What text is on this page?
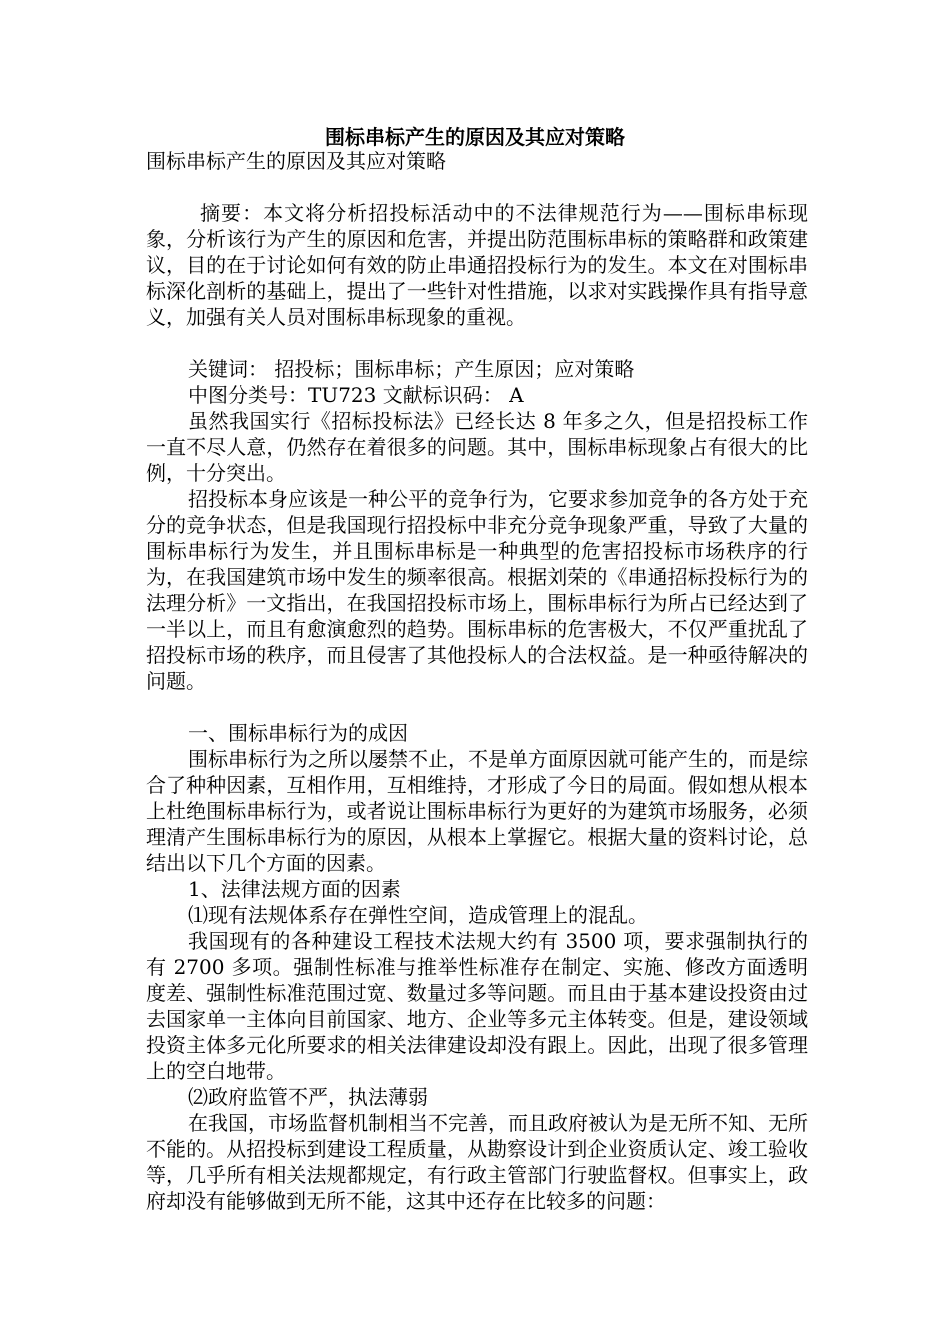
围标串标产生的原因及其应对策略

围标串标产生的原因及其应对策略

摘要：本文将分析招投标活动中的不法律规范行为——围标串标现象，分析该行为产生的原因和危害，并提出防范围标串标的策略群和政策建议，目的在于讨论如何有效的防止串通招投标行为的发生。本文在对围标串标深化剖析的基础上，提出了一些针对性措施，以求对实践操作具有指导意义，加强有关人员对围标串标现象的重视。

关键词： 招投标；围标串标；产生原因；应对策略

中图分类号：TU723 文献标识码： A

虽然我国实行《招标投标法》已经长达 8 年多之久，但是招投标工作一直不尽人意，仍然存在着很多的问题。其中，围标串标现象占有很大的比例，十分突出。

招投标本身应该是一种公平的竞争行为，它要求参加竞争的各方处于充分的竞争状态，但是我国现行招投标中非充分竞争现象严重，导致了大量的围标串标行为发生，并且围标串标是一种典型的危害招投标市场秩序的行为，在我国建筑市场中发生的频率很高。根据刘荣的《串通招标投标行为的法理分析》一文指出，在我国招投标市场上，围标串标行为所占已经达到了一半以上，而且有愈演愈烈的趋势。围标串标的危害极大，不仅严重扰乱了招投标市场的秩序，而且侵害了其他投标人的合法权益。是一种亟待解决的问题。

一、围标串标行为的成因

围标串标行为之所以屡禁不止，不是单方面原因就可能产生的，而是综合了种种因素，互相作用，互相维持，才形成了今日的局面。假如想从根本上杜绝围标串标行为，或者说让围标串标行为更好的为建筑市场服务，必须理清产生围标串标行为的原因，从根本上掌握它。根据大量的资料讨论，总结出以下几个方面的因素。

1、法律法规方面的因素

⑴现有法规体系存在弹性空间，造成管理上的混乱。

我国现有的各种建设工程技术法规大约有 3500 项，要求强制执行的有 2700 多项。强制性标准与推举性标准存在制定、实施、修改方面透明度差、强制性标准范围过宽、数量过多等问题。而且由于基本建设投资由过去国家单一主体向目前国家、地方、企业等多元主体转变。但是，建设领域投资主体多元化所要求的相关法律建设却没有跟上。因此，出现了很多管理上的空白地带。

⑵政府监管不严，执法薄弱

在我国，市场监督机制相当不完善，而且政府被认为是无所不知、无所不能的。从招投标到建设工程质量，从勘察设计到企业资质认定、竣工验收等，几乎所有相关法规都规定，有行政主管部门行驶监督权。但事实上，政府却没有能够做到无所不能，这其中还存在比较多的问题：
